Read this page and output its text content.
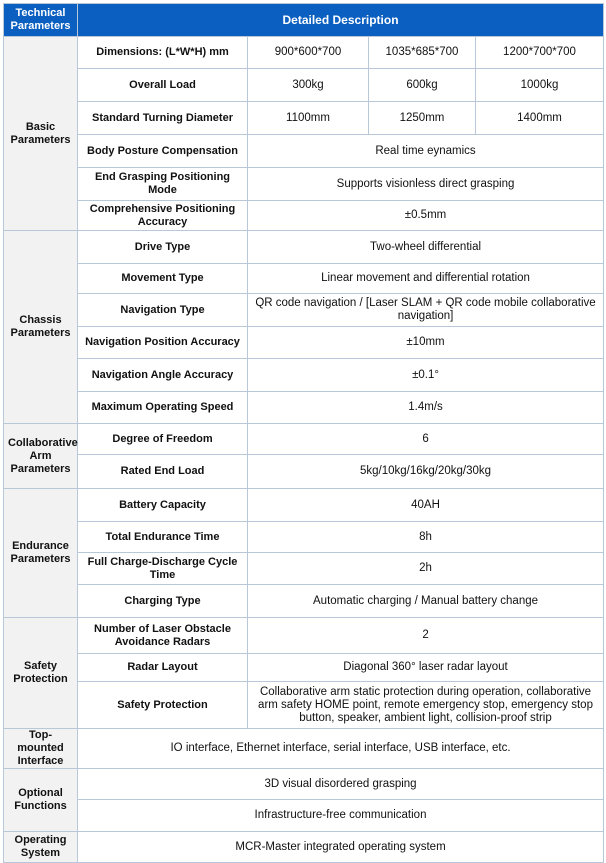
Technical Parameters	Detailed Description			
Basic Parameters	Dimensions: (L*W*H) mm	900*600*700	1035*685*700	1200*700*700
	Overall Load	300kg	600kg	1000kg
	Standard Turning Diameter	1100mm	1250mm	1400mm
	Body Posture Compensation	Real time eynamics		
	End Grasping Positioning Mode	Supports visionless direct grasping		
	Comprehensive Positioning Accuracy	±0.5mm		
Chassis Parameters	Drive Type	Two-wheel differential		
	Movement Type	Linear movement and differential rotation		
	Navigation Type	QR code navigation / [Laser SLAM + QR code mobile collaborative navigation]		
	Navigation Position Accuracy	±10mm		
	Navigation Angle Accuracy	±0.1°		
	Maximum Operating Speed	1.4m/s		
Collaborative Arm Parameters	Degree of Freedom	6		
	Rated End Load	5kg/10kg/16kg/20kg/30kg		
Endurance Parameters	Battery Capacity	40AH		
	Total Endurance Time	8h		
	Full Charge-Discharge Cycle Time	2h		
	Charging Type	Automatic charging / Manual battery change		
Safety Protection	Number of Laser Obstacle Avoidance Radars	2		
	Radar Layout	Diagonal 360° laser radar layout		
	Safety Protection	Collaborative arm static protection during operation, collaborative arm safety HOME point, remote emergency stop, emergency stop button, speaker, ambient light, collision-proof strip		
Top-mounted Interface	IO interface, Ethernet interface, serial interface, USB interface, etc.			
Optional Functions	3D visual disordered grasping			
	Infrastructure-free communication			
Operating System	MCR-Master integrated operating system			
